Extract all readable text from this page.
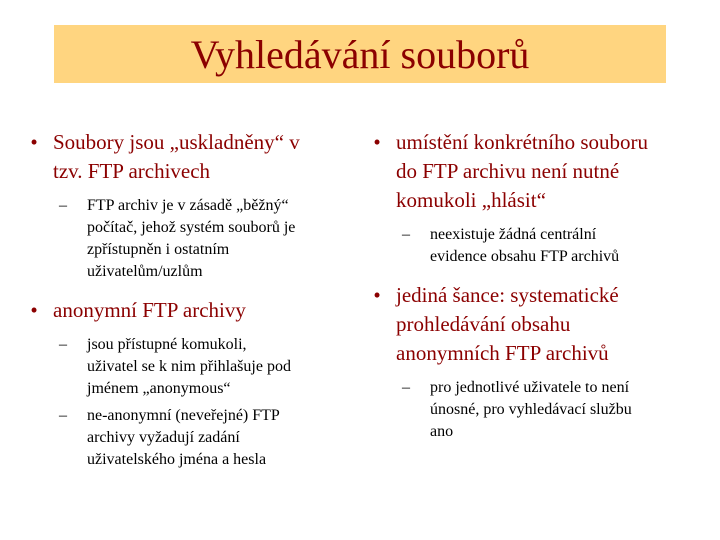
Vyhledávání souborů
• Soubory jsou „uskladněny“ v
tzv. FTP archivech
– FTP archiv je v zásadě „běžný“
počítač, jehož systém souborů je
zpřístupněn i ostatním
uživatelům/uzlům
• anonymní FTP archivy
– jsou přístupné komukoli,
uživatel se k nim přihlašuje pod
jménem „anonymous“
– ne-anonymní (neveřejné) FTP
archivy vyžadují zadání
uživatelského jména a hesla
• umístění konkrétního souboru
do FTP archivu není nutné
komukoli „hlásit“
– neexistuje žádná centrální
evidence obsahu FTP archivů
• jediná šance: systematické
prohledávání obsahu
anonymních FTP archivů
– pro jednotlivé uživatele to není
únosné, pro vyhledávací službu
ano
